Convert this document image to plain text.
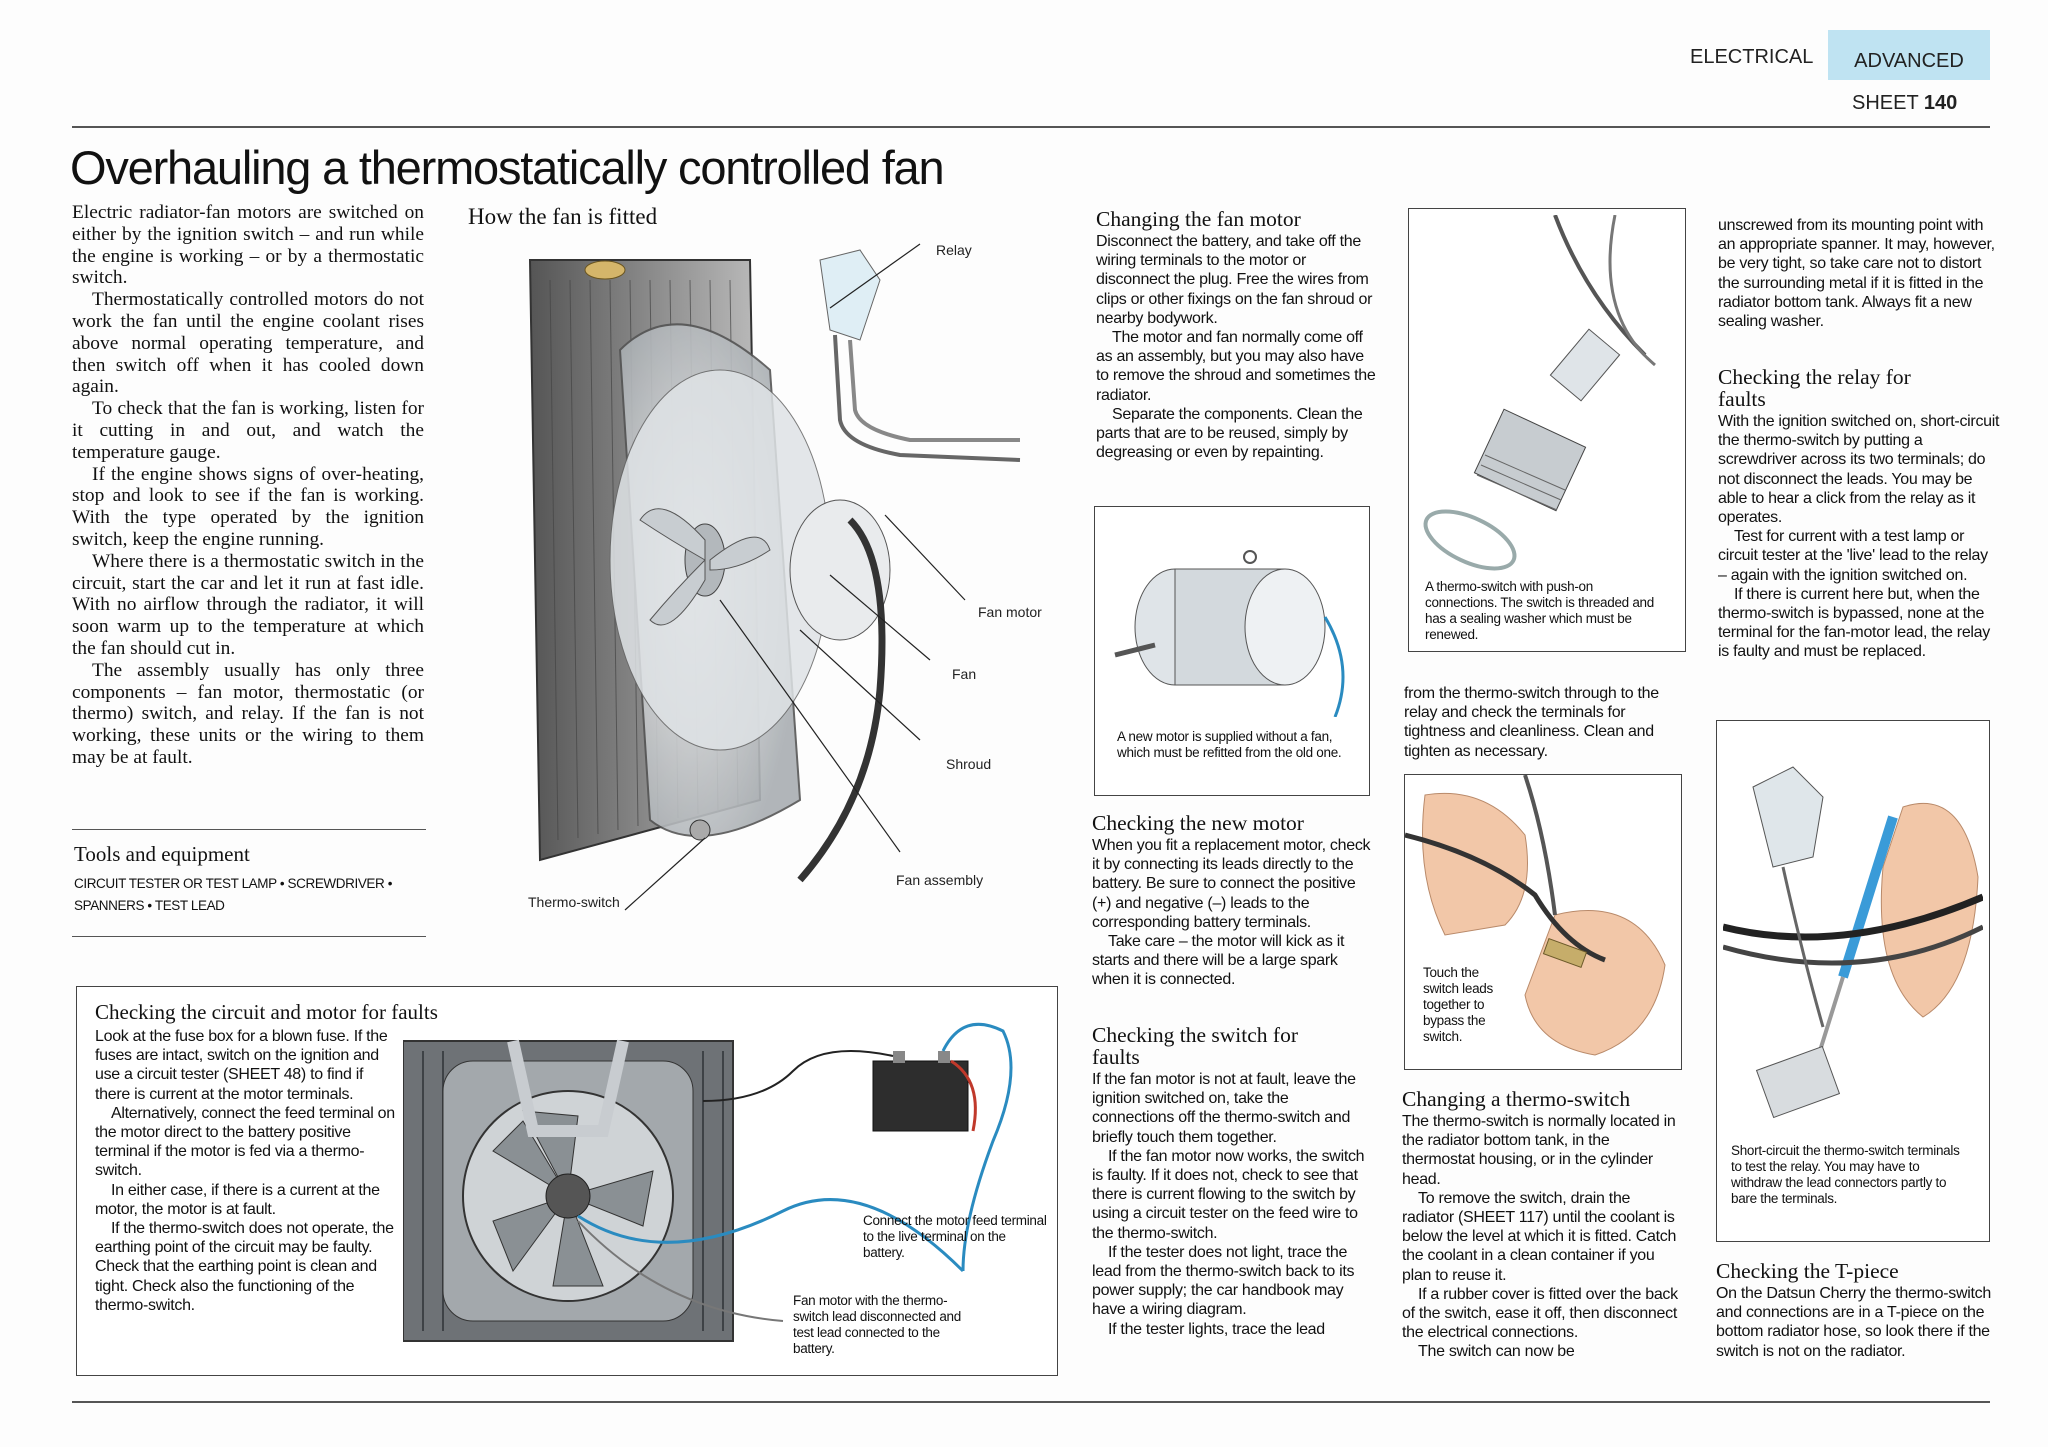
ELECTRICAL	ADVANCED
SHEET 140
Overhauling a thermostatically controlled fan

Electric radiator-fan motors are switched on either by the ignition switch – and run while the engine is working – or by a thermostatic switch.

Thermostatically controlled motors do not work the fan until the engine coolant rises above normal operating temperature, and then switch off when it has cooled down again.

To check that the fan is working, listen for it cutting in and out, and watch the temperature gauge.

If the engine shows signs of over-heating, stop and look to see if the fan is working. With the type operated by the ignition switch, keep the engine running.

Where there is a thermostatic switch in the circuit, start the car and let it run at fast idle. With no airflow through the radiator, it will soon warm up to the temperature at which the fan should cut in.

The assembly usually has only three components – fan motor, thermostatic (or thermo) switch, and relay. If the fan is not working, these units or the wiring to them may be at fault.

Tools and equipment
CIRCUIT TESTER OR TEST LAMP • SCREWDRIVER •
SPANNERS • TEST LEAD
How the fan is fitted
Relay
Fan motor
Fan
Shroud
Fan assembly
Thermo-switch
Checking the circuit and motor for faults

Look at the fuse box for a blown fuse. If the fuses are intact, switch on the ignition and use a circuit tester (SHEET 48) to find if there is current at the motor terminals.

Alternatively, connect the feed terminal on the motor direct to the battery positive terminal if the motor is fed via a thermo-switch.

In either case, if there is a current at the motor, the motor is at fault.

If the thermo-switch does not operate, the earthing point of the circuit may be faulty. Check that the earthing point is clean and tight. Check also the functioning of the thermo-switch.

Connect the motor feed terminal to the live terminal on the battery.
Fan motor with the thermo-switch lead disconnected and test lead connected to the battery.
Changing the fan motor

Disconnect the battery, and take off the wiring terminals to the motor or disconnect the plug. Free the wires from clips or other fixings on the fan shroud or nearby bodywork.

The motor and fan normally come off as an assembly, but you may also have to remove the shroud and sometimes the radiator.

Separate the components. Clean the parts that are to be reused, simply by degreasing or even by repainting.

A new motor is supplied without a fan, which must be refitted from the old one.
Checking the new motor

When you fit a replacement motor, check it by connecting its leads directly to the battery. Be sure to connect the positive (+) and negative (–) leads to the corresponding battery terminals.

Take care – the motor will kick as it starts and there will be a large spark when it is connected.

Checking the switch for faults

If the fan motor is not at fault, leave the ignition switched on, take the connections off the thermo-switch and briefly touch them together.

If the fan motor now works, the switch is faulty. If it does not, check to see that there is current flowing to the switch by using a circuit tester on the feed wire to the thermo-switch.

If the tester does not light, trace the lead from the thermo-switch back to its power supply; the car handbook may have a wiring diagram.

If the tester lights, trace the lead

A thermo-switch with push-on connections. The switch is threaded and has a sealing washer which must be renewed.
from the thermo-switch through to the relay and check the terminals for tightness and cleanliness. Clean and tighten as necessary.
Touch the switch leads together to bypass the switch.
Changing a thermo-switch

The thermo-switch is normally located in the radiator bottom tank, in the thermostat housing, or in the cylinder head.

To remove the switch, drain the radiator (SHEET 117) until the coolant is below the level at which it is fitted. Catch the coolant in a clean container if you plan to reuse it.

If a rubber cover is fitted over the back of the switch, ease it off, then disconnect the electrical connections.

The switch can now be

unscrewed from its mounting point with an appropriate spanner. It may, however, be very tight, so take care not to distort the surrounding metal if it is fitted in the radiator bottom tank. Always fit a new sealing washer.
Checking the relay for faults

With the ignition switched on, short-circuit the thermo-switch by putting a screwdriver across its two terminals; do not disconnect the leads. You may be able to hear a click from the relay as it operates.

Test for current with a test lamp or circuit tester at the 'live' lead to the relay – again with the ignition switched on.

If there is current here but, when the thermo-switch is bypassed, none at the terminal for the fan-motor lead, the relay is faulty and must be replaced.

Short-circuit the thermo-switch terminals to test the relay. You may have to withdraw the lead connectors partly to bare the terminals.
Checking the T-piece

On the Datsun Cherry the thermo-switch and connections are in a T-piece on the bottom radiator hose, so look there if the switch is not on the radiator.
